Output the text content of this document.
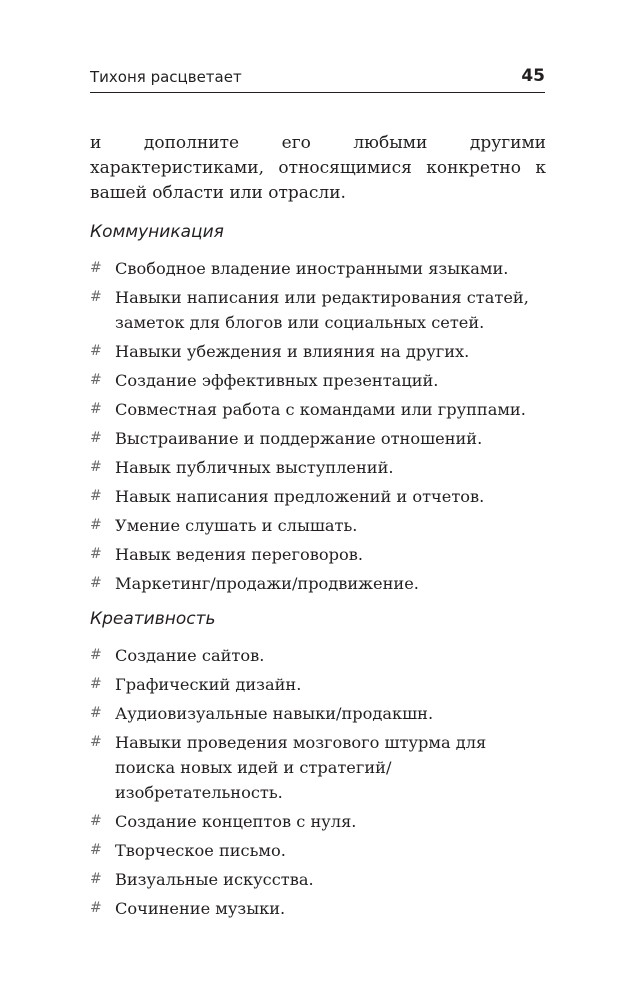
Тихоня расцветает	45
и дополните его любыми другими характеристиками, относящимися конкретно к вашей области или отрасли.
Коммуникация
# Свободное владение иностранными языками.
# Навыки написания или редактирования статей, заметок для блогов или социальных сетей.
# Навыки убеждения и влияния на других.
# Создание эффективных презентаций.
# Совместная работа с командами или группами.
# Выстраивание и поддержание отношений.
# Навык публичных выступлений.
# Навык написания предложений и отчетов.
# Умение слушать и слышать.
# Навык ведения переговоров.
# Маркетинг/продажи/продвижение.
Креативность
# Создание сайтов.
# Графический дизайн.
# Аудиовизуальные навыки/продакшн.
# Навыки проведения мозгового штурма для поиска новых идей и стратегий/изобретательность.
# Создание концептов с нуля.
# Творческое письмо.
# Визуальные искусства.
# Сочинение музыки.
